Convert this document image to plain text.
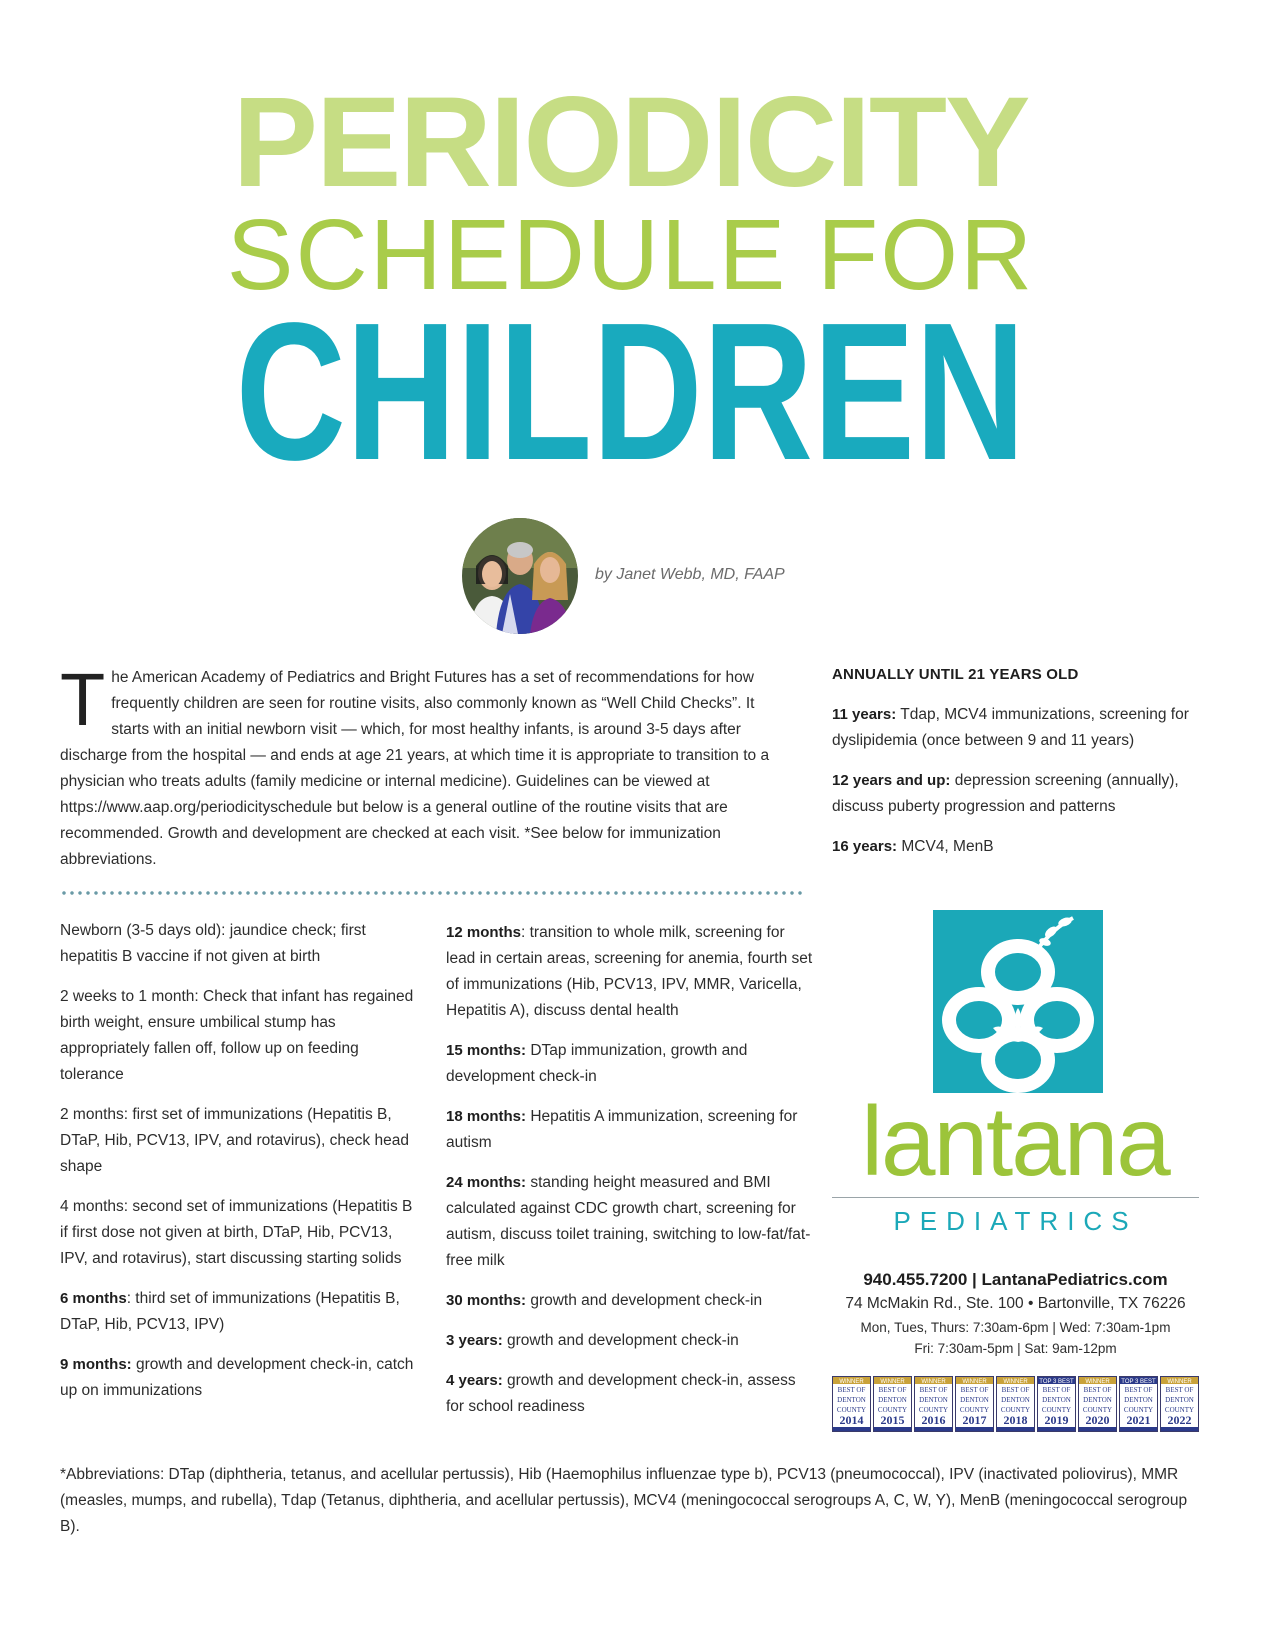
PERIODICITY
SCHEDULE FOR
CHILDREN
by Janet Webb, MD, FAAP
The American Academy of Pediatrics and Bright Futures has a set of recommendations for how frequently children are seen for routine visits, also commonly known as “Well Child Checks”. It starts with an initial newborn visit — which, for most healthy infants, is around 3-5 days after discharge from the hospital — and ends at age 21 years, at which time it is appropriate to transition to a physician who treats adults (family medicine or internal medicine). Guidelines can be viewed at https://www.aap.org/periodicityschedule but below is a general outline of the routine visits that are recommended. Growth and development are checked at each visit. *See below for immunization abbreviations.

Newborn (3-5 days old): jaundice check; first hepatitis B vaccine if not given at birth

2 weeks to 1 month: Check that infant has regained birth weight, ensure umbilical stump has appropriately fallen off, follow up on feeding tolerance

2 months: first set of immunizations (Hepatitis B, DTaP, Hib, PCV13, IPV, and rotavirus), check head shape

4 months: second set of immunizations (Hepatitis B if first dose not given at birth, DTaP, Hib, PCV13, IPV, and rotavirus), start discussing starting solids

6 months: third set of immunizations (Hepatitis B, DTaP, Hib, PCV13, IPV)

9 months: growth and development check-in, catch up on immunizations

12 months: transition to whole milk, screening for lead in certain areas, screening for anemia, fourth set of immunizations (Hib, PCV13, IPV, MMR, Varicella, Hepatitis A), discuss dental health

15 months: DTap immunization, growth and development check-in

18 months: Hepatitis A immunization, screening for autism

24 months: standing height measured and BMI calculated against CDC growth chart, screening for autism, discuss toilet training, switching to low-fat/fat-free milk

30 months: growth and development check-in

3 years: growth and development check-in

4 years: growth and development check-in, assess for school readiness

ANNUALLY UNTIL 21 YEARS OLD

11 years: Tdap, MCV4 immunizations, screening for dyslipidemia (once between 9 and 11 years)

12 years and up: depression screening (annually), discuss puberty progression and patterns

16 years: MCV4, MenB

lantana
PEDIATRICS
940.455.7200 | LantanaPediatrics.com
74 McMakin Rd., Ste. 100 • Bartonville, TX 76226
Mon, Tues, Thurs: 7:30am-6pm | Wed: 7:30am-1pm
Fri: 7:30am-5pm | Sat: 9am-12pm
WINNER
BEST OF
DENTON
COUNTY
2014
WINNER
BEST OF
DENTON
COUNTY
2015
WINNER
BEST OF
DENTON
COUNTY
2016
WINNER
BEST OF
DENTON
COUNTY
2017
WINNER
BEST OF
DENTON
COUNTY
2018
TOP 3 BEST
BEST OF
DENTON
COUNTY
2019
WINNER
BEST OF
DENTON
COUNTY
2020
TOP 3 BEST
BEST OF
DENTON
COUNTY
2021
WINNER
BEST OF
DENTON
COUNTY
2022
*Abbreviations: DTap (diphtheria, tetanus, and acellular pertussis), Hib (Haemophilus influenzae type b), PCV13 (pneumococcal), IPV (inactivated poliovirus), MMR (measles, mumps, and rubella), Tdap (Tetanus, diphtheria, and acellular pertussis), MCV4 (meningococcal serogroups A, C, W, Y), MenB (meningococcal serogroup B).
